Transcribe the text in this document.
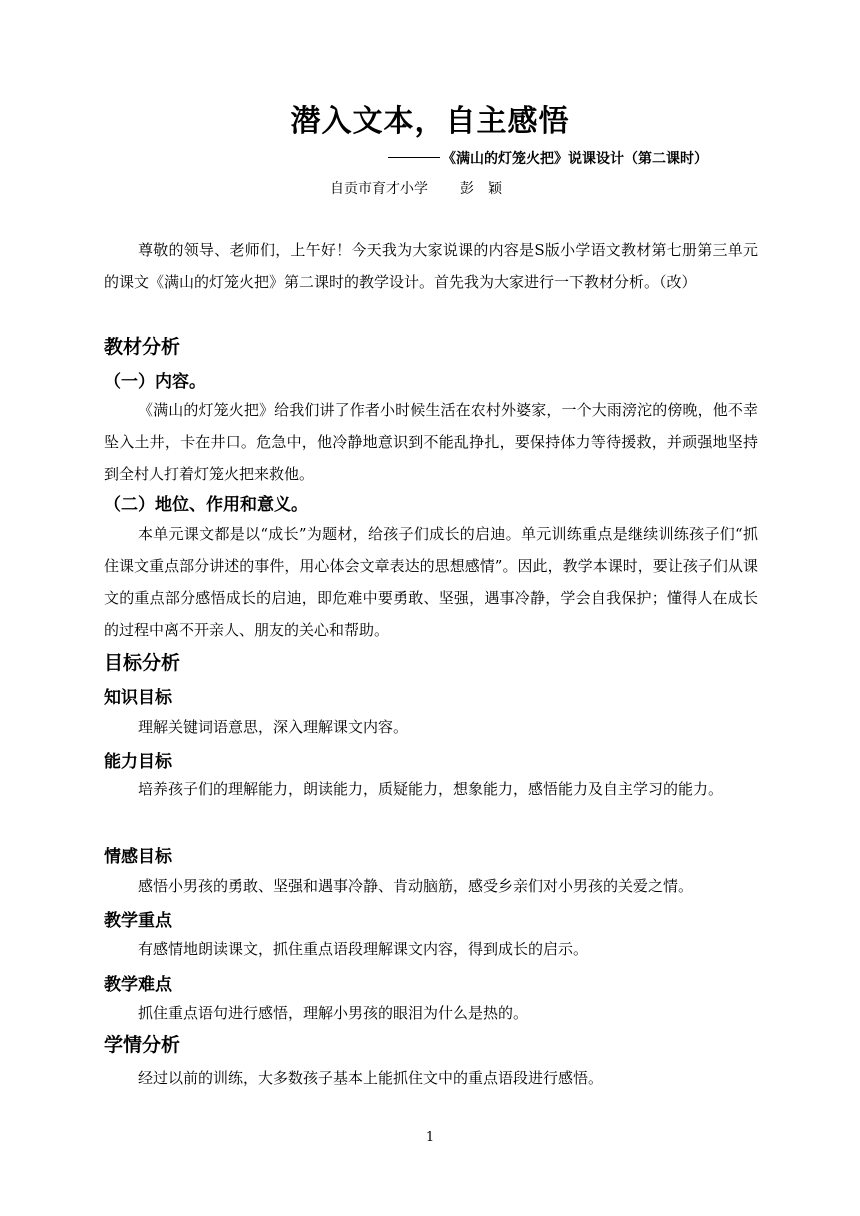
潜入文本，自主感悟
《满山的灯笼火把》说课设计（第二课时）
自贡市育才小学 彭　颖
尊敬的领导、老师们，上午好！今天我为大家说课的内容是S版小学语文教材第七册第三单元的课文《满山的灯笼火把》第二课时的教学设计。首先我为大家进行一下教材分析。（改）
教材分析
（一）内容。
《满山的灯笼火把》给我们讲了作者小时候生活在农村外婆家，一个大雨滂沱的傍晚，他不幸坠入土井，卡在井口。危急中，他冷静地意识到不能乱挣扎，要保持体力等待援救，并顽强地坚持到全村人打着灯笼火把来救他。
（二）地位、作用和意义。
本单元课文都是以“成长”为题材，给孩子们成长的启迪。单元训练重点是继续训练孩子们“抓住课文重点部分讲述的事件，用心体会文章表达的思想感情”。因此，教学本课时，要让孩子们从课文的重点部分感悟成长的启迪，即危难中要勇敢、坚强，遇事冷静，学会自我保护；懂得人在成长的过程中离不开亲人、朋友的关心和帮助。
目标分析
知识目标
理解关键词语意思，深入理解课文内容。
能力目标
培养孩子们的理解能力，朗读能力，质疑能力，想象能力，感悟能力及自主学习的能力。
情感目标
感悟小男孩的勇敢、坚强和遇事冷静、肯动脑筋，感受乡亲们对小男孩的关爱之情。
教学重点
有感情地朗读课文，抓住重点语段理解课文内容，得到成长的启示。
教学难点
抓住重点语句进行感悟，理解小男孩的眼泪为什么是热的。
学情分析
经过以前的训练，大多数孩子基本上能抓住文中的重点语段进行感悟。
1
